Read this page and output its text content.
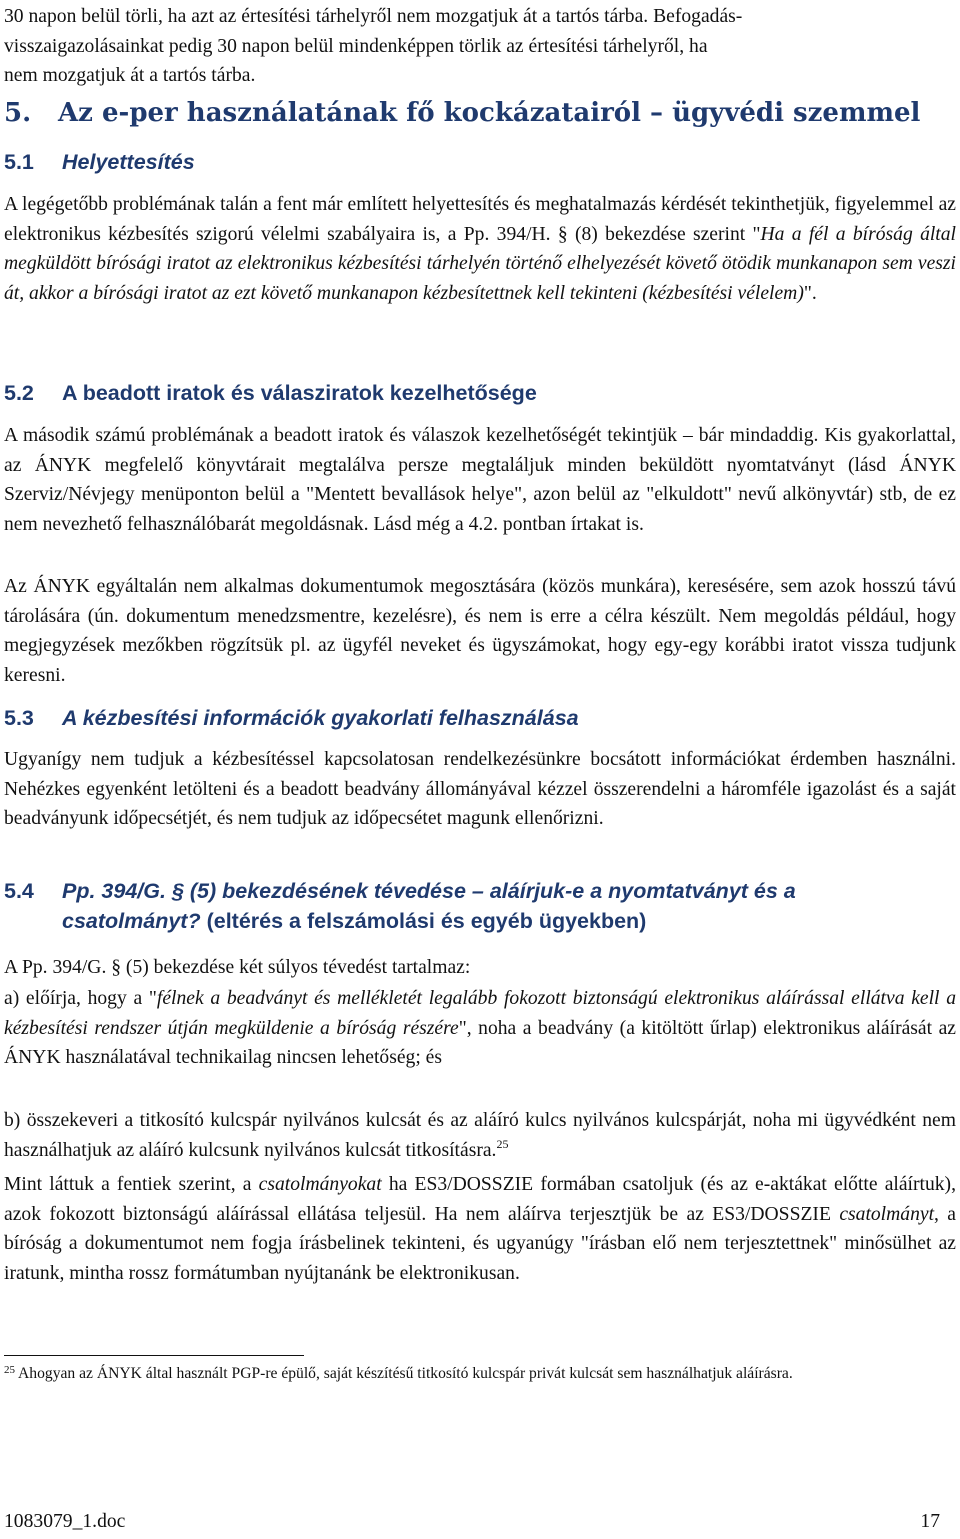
30 napon belül törli, ha azt az értesítési tárhelyről nem mozgatjuk át a tartós tárba. Befogadás-
visszaigazolásainkat pedig 30 napon belül mindenképpen törlik az értesítési tárhelyről, ha
nem mozgatjuk át a tartós tárba.

5. Az e-per használatának fő kockázatairól – ügyvédi szemmel
5.1 Helyettesítés

A legégetőbb problémának talán a fent már említett helyettesítés és meghatalmazás kérdését tekinthetjük, figyelemmel az elektronikus kézbesítés szigorú vélelmi szabályaira is, a Pp. 394/H. § (8) bekezdése szerint "Ha a fél a bíróság által megküldött bírósági iratot az elektronikus kézbesítési tárhelyén történő elhelyezését követő ötödik munkanapon sem veszi át, akkor a bírósági iratot az ezt követő munkanapon kézbesítettnek kell tekinteni (kézbesítési vélelem)".

5.2 A beadott iratok és válasziratok kezelhetősége

A második számú problémának a beadott iratok és válaszok kezelhetőségét tekintjük – bár mindaddig. Kis gyakorlattal, az ÁNYK megfelelő könyvtárait megtalálva persze megtaláljuk minden beküldött nyomtatványt (lásd ÁNYK Szerviz/Névjegy menüponton belül a "Mentett bevallások helye", azon belül az "elkuldott" nevű alkönyvtár) stb, de ez nem nevezhető felhasználóbarát megoldásnak. Lásd még a 4.2. pontban írtakat is.

Az ÁNYK egyáltalán nem alkalmas dokumentumok megosztására (közös munkára), keresésére, sem azok hosszú távú tárolására (ún. dokumentum menedzsmentre, kezelésre), és nem is erre a célra készült. Nem megoldás például, hogy megjegyzések mezőkben rögzítsük pl. az ügyfél neveket és ügyszámokat, hogy egy-egy korábbi iratot vissza tudjunk keresni.

5.3 A kézbesítési információk gyakorlati felhasználása

Ugyanígy nem tudjuk a kézbesítéssel kapcsolatosan rendelkezésünkre bocsátott információkat érdemben használni. Nehézkes egyenként letölteni és a beadott beadvány állományával kézzel összerendelni a háromféle igazolást és a saját beadványunk időpecsétjét, és nem tudjuk az időpecsétet magunk ellenőrizni.

5.4 Pp. 394/G. § (5) bekezdésének tévedése – aláírjuk-e a nyomtatványt és a
csatolmányt? (eltérés a felszámolási és egyéb ügyekben)

A Pp. 394/G. § (5) bekezdése két súlyos tévedést tartalmaz:

a) előírja, hogy a "félnek a beadványt és mellékletét legalább fokozott biztonságú elektronikus aláírással ellátva kell a kézbesítési rendszer útján megküldenie a bíróság részére", noha a beadvány (a kitöltött űrlap) elektronikus aláírását az ÁNYK használatával technikailag nincsen lehetőség; és

b) összekeveri a titkosító kulcspár nyilvános kulcsát és az aláíró kulcs nyilvános kulcspárját, noha mi ügyvédként nem használhatjuk az aláíró kulcsunk nyilvános kulcsát titkosításra.$^{25}$

Mint láttuk a fentiek szerint, a csatolmányokat ha ES3/DOSSZIE formában csatoljuk (és az e-aktákat előtte aláírtuk), azok fokozott biztonságú aláírással ellátása teljesül. Ha nem aláírva terjesztjük be az ES3/DOSSZIE csatolmányt, a bíróság a dokumentumot nem fogja írásbelinek tekinteni, és ugyanúgy "írásban elő nem terjesztettnek" minősülhet az iratunk, mintha rossz formátumban nyújtanánk be elektronikusan.

$^{25}$ Ahogyan az ÁNYK által használt PGP-re épülő, saját készítésű titkosító kulcspár privát kulcsát sem használhatjuk aláírásra.

1083079_1.doc	17
